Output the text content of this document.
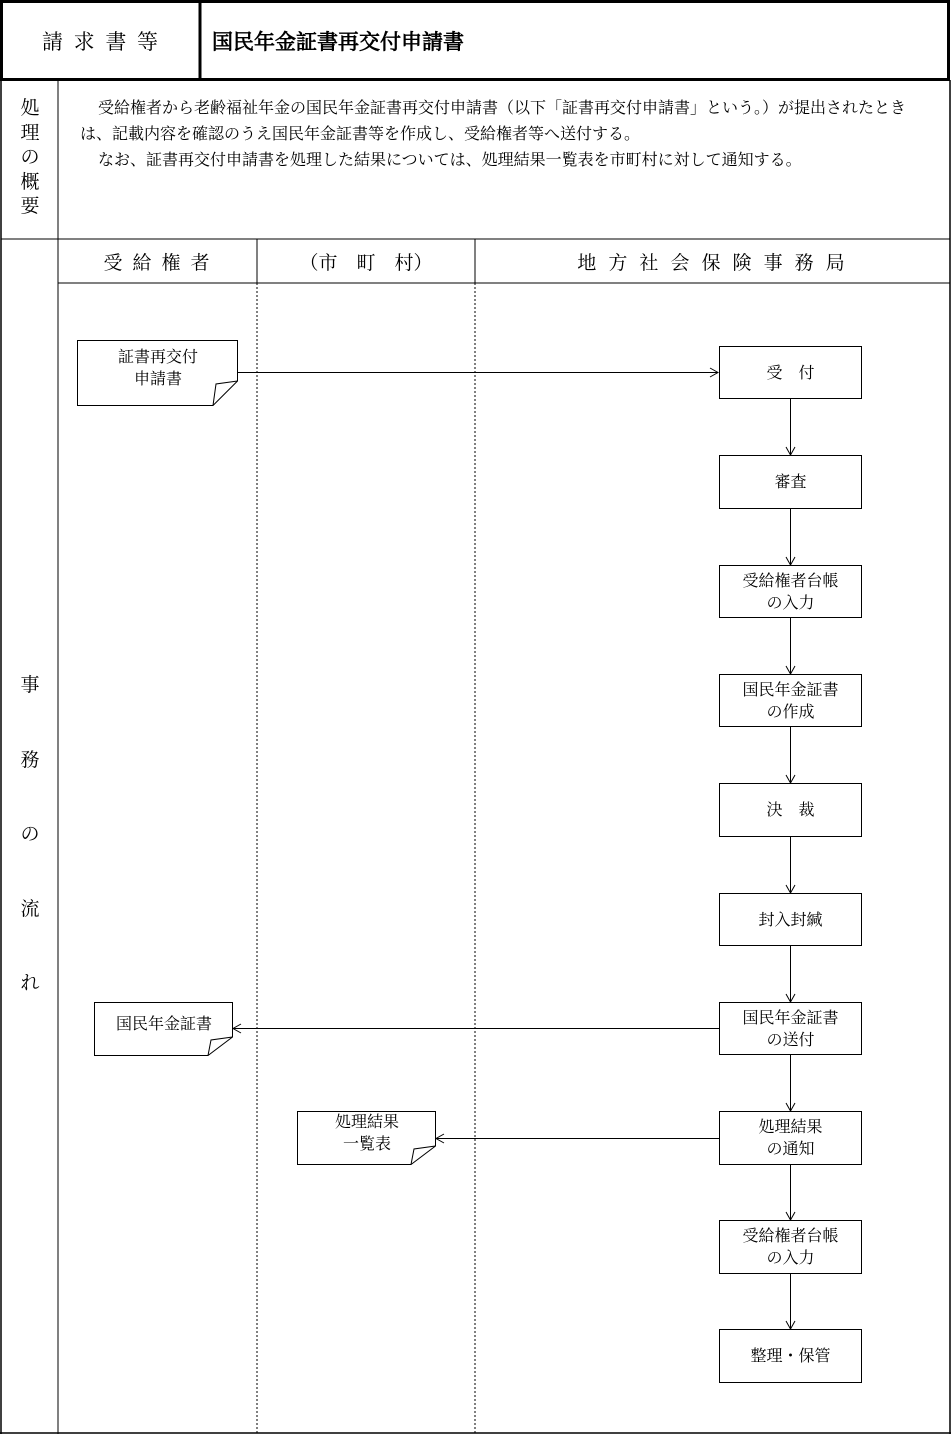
請 求 書 等	国民年金証書再交付申請書
処
理
の
概
要

受給権者から老齢福祉年金の国民年金証書再交付申請書（以下「証書再交付申請書」という。）が提出されたときは、記載内容を確認のうえ国民年金証書等を作成し、受給権者等へ送付する。

なお、証書再交付申請書を処理した結果については、処理結果一覧表を市町村に対して通知する。

事
務
の
流
れ
受 給 権 者	（市　町　村）	地 方 社 会 保 険 事 務 局
証書再交付
申請書
国民年金証書
処理結果
一覧表
受　付
審査
受給権者台帳
の入力
国民年金証書
の作成
決　裁
封入封緘
国民年金証書
の送付
処理結果
の通知
受給権者台帳
の入力
整理・保管
